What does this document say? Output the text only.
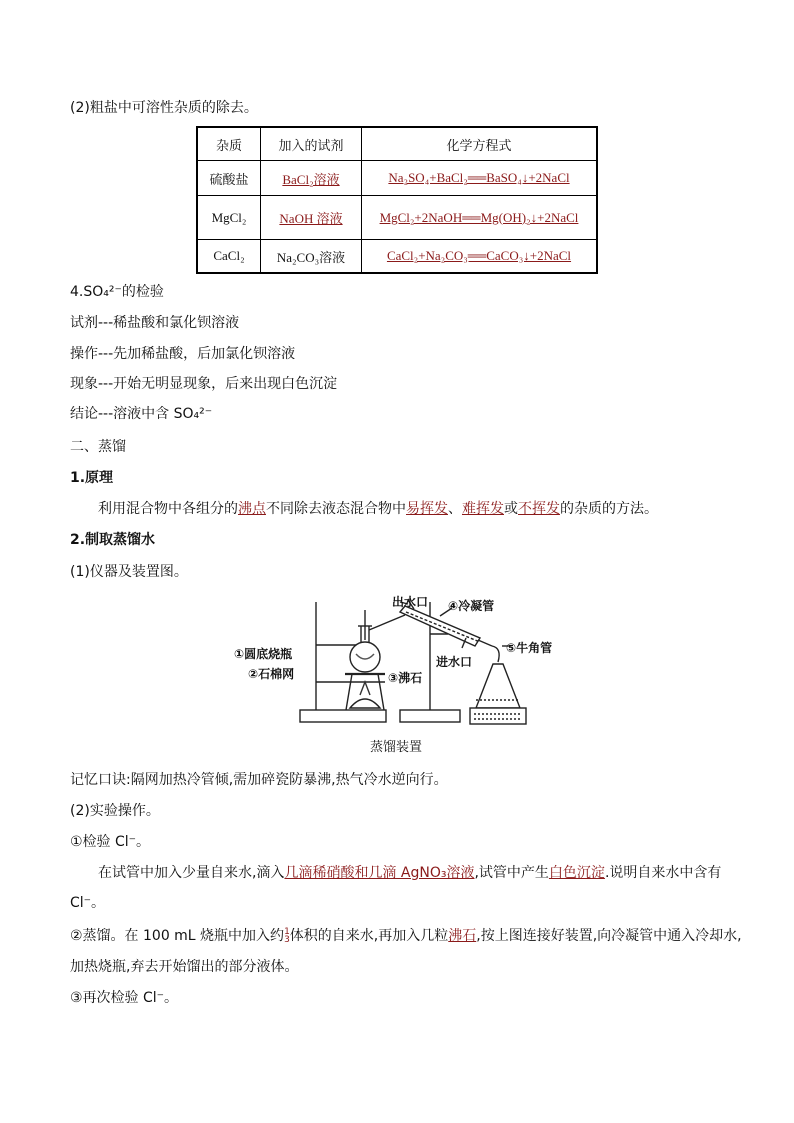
(2)粗盐中可溶性杂质的除去。
杂质	加入的试剂	化学方程式
硫酸盐	BaCl₂溶液	Na₂SO₄+BaCl₂══BaSO₄↓+2NaCl
MgCl₂	NaOH 溶液	MgCl₂+2NaOH══Mg(OH)₂↓+2NaCl
CaCl₂	Na₂CO₃溶液	CaCl₂+Na₂CO₃══CaCO₃↓+2NaCl
4.SO₄²⁻的检验
试剂---稀盐酸和氯化钡溶液
操作---先加稀盐酸，后加氯化钡溶液
现象---开始无明显现象，后来出现白色沉淀
结论---溶液中含 SO₄²⁻
二、蒸馏
1.原理
利用混合物中各组分的沸点不同除去液态混合物中易挥发、难挥发或不挥发的杂质的方法。
2.制取蒸馏水
(1)仪器及装置图。
出水口 ④冷凝管
①圆底烧瓶
②石棉网	③沸石
进水口
⑤牛角管
蒸馏装置
记忆口诀:隔网加热冷管倾,需加碎瓷防暴沸,热气冷水逆向行。
(2)实验操作。
①检验 Cl⁻。
在试管中加入少量自来水,滴入几滴稀硝酸和几滴 AgNO₃溶液,试管中产生白色沉淀.说明自来水中含有
Cl⁻。
②蒸馏。在 100 mL 烧瓶中加入约1
3体积的自来水,再加入几粒沸石,按上图连接好装置,向冷凝管中通入冷却水,
加热烧瓶,弃去开始馏出的部分液体。
③再次检验 Cl⁻。
